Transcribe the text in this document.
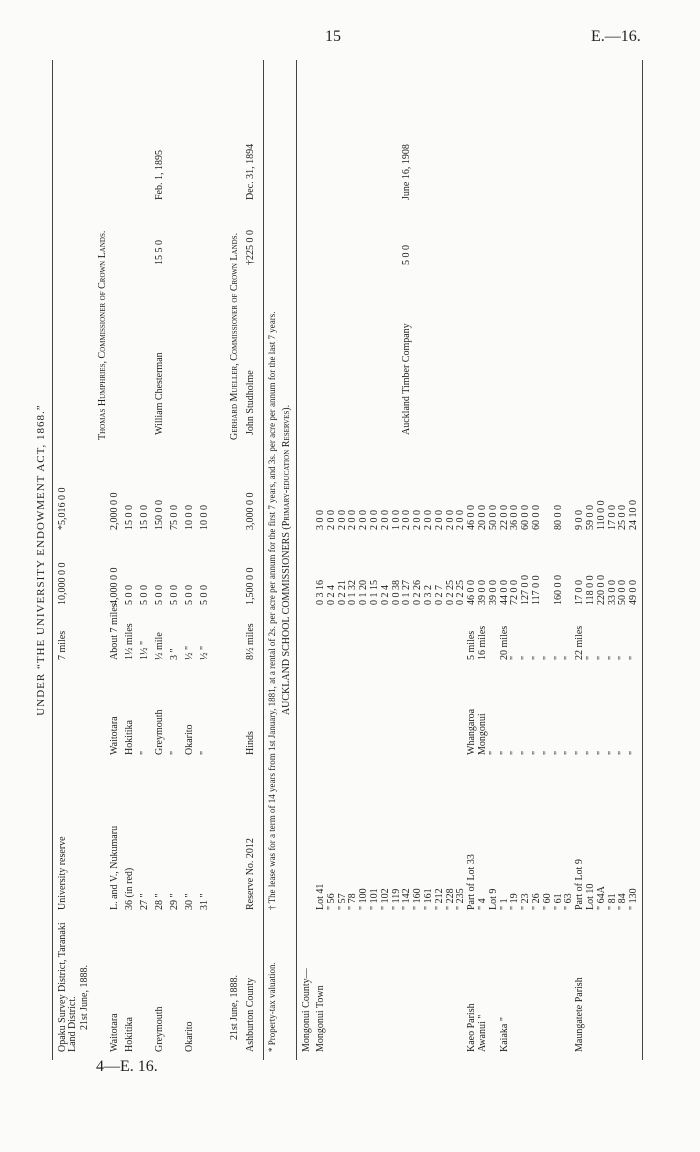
15	E.—16.
4—E. 16.
UNDER “THE UNIVERSITY ENDOWMENT ACT, 1868.”
Opaku Survey District, Taranaki Land District.
University reserve
21st June, 1888.
7 miles
10,000 0 0
*5,016 0 0
Waitotara
L. and V., Nukumaru
Waitotara
About 7 miles
4,000 0 0
2,000 0 0
Hokitika
36 (in red)
Hokitika
1½ miles
5 0 0
15 0 0
27 "
"
1½ "
5 0 0
15 0 0
Greymouth
28 "
Greymouth
½ mile
5 0 0
150 0 0
William Chesterman
15 5 0
Feb. 1, 1895
29 "
"
3 "
5 0 0
75 0 0
Okarito
30 "
Okarito
½ "
5 0 0
10 0 0
31 "
"
½ "
5 0 0
10 0 0
Ashburton County
Reserve No. 2012
Hinds
8½ miles
1,500 0 0
3,000 0 0
John Studholme
†225 0 0
Dec. 31, 1894
Thomas Humphries, Commissioner of Crown Lands.
21st June, 1888.
Gerhard Mueller, Commissioner of Crown Lands.
* Property-tax valuation.
† The lease was for a term of 14 years from 1st January, 1881, at a rental of 2s. per acre per annum for the first 7 years, and 3s. per acre per annum for the last 7 years. AUCKLAND SCHOOL COMMISSIONERS (Primary-education Reserves).
Mongonui County— Mongonui Town
Lot 41
0 3 16
3 0 0
" 56
0 2 4
2 0 0
" 57
0 2 21
2 0 0
" 78
0 1 32
2 0 0
" 100
0 1 20
2 0 0
" 101
0 1 15
2 0 0
" 102
0 2 4
2 0 0
" 119
0 0 38
1 0 0
" 142
0 1 27
2 0 0
Auckland Timber Company
5 0 0
June 16, 1908
" 160
0 2 26
2 0 0
" 161
0 3 2
2 0 0
" 212
0 2 7
2 0 0
" 228
0 2 25
2 0 0
" 235
0 2 25
2 0 0
Kaeo Parish
Part of Lot 33
Whangaroa
5 miles
46 0 0
46 0 0
Awanui "
" 4
Mongonui
16 miles
39 0 0
20 0 0
Lot 9
"
39 0 0
50 0 0
Kaiaka "
" 1
"
20 miles
44 0 0
22 0 0
" 19
"
"
72 0 0
36 0 0
" 23
"
"
127 0 0
60 0 0
" 26
"
"
117 0 0
60 0 0
" 60
"
"
" 61
"
"
160 0 0
80 0 0
" 63
"
"
Maungatete Parish
Part of Lot 9
"
22 miles
17 0 0
9 0 0
Lot 10
"
"
118 0 0
59 0 0
" 64A
"
"
220 0 0
110 0 0
" 81
"
"
33 0 0
17 0 0
" 84
"
"
50 0 0
25 0 0
" 130
"
"
49 0 0
24 10 0
